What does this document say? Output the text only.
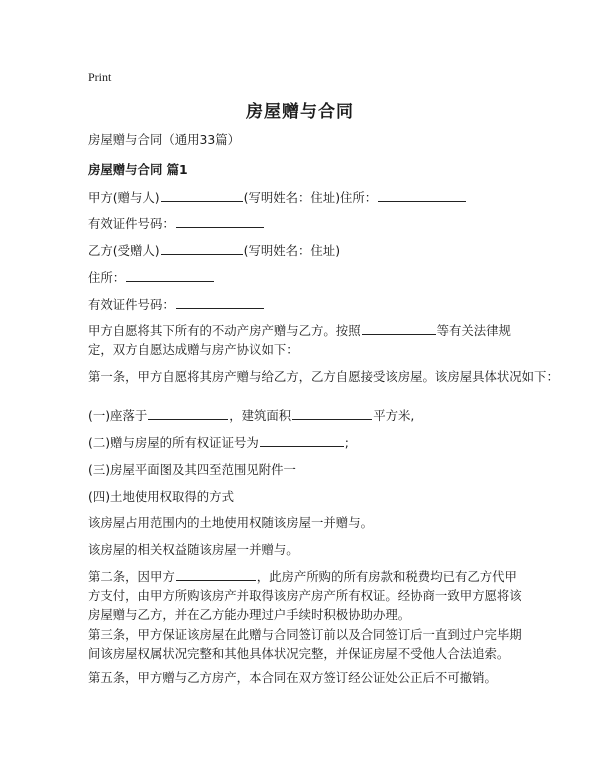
Print
房屋赠与合同
房屋赠与合同（通用33篇）
房屋赠与合同 篇1
甲方(赠与人)	(写明姓名：住址)住所：
有效证件号码：
乙方(受赠人)	(写明姓名：住址)
住所：
有效证件号码：
甲方自愿将其下所有的不动产房产赠与乙方。按照	等有关法律规定，双方自愿达成赠与房产协议如下：
第一条，甲方自愿将其房产赠与给乙方，乙方自愿接受该房屋。该房屋具体状况如下：
(一)座落于	，建筑面积	平方米,
(二)赠与房屋的所有权证证号为	;
(三)房屋平面图及其四至范围见附件一
(四)土地使用权取得的方式
该房屋占用范围内的土地使用权随该房屋一并赠与。
该房屋的相关权益随该房屋一并赠与。
第二条，因甲方	，此房产所购的所有房款和税费均已有乙方代甲方支付，由甲方所购该房产并取得该房产房产所有权证。经协商一致甲方愿将该房屋赠与乙方，并在乙方能办理过户手续时积极协助办理。
第三条，甲方保证该房屋在此赠与合同签订前以及合同签订后一直到过户完毕期间该房屋权属状况完整和其他具体状况完整，并保证房屋不受他人合法追索。
第五条，甲方赠与乙方房产，本合同在双方签订经公证处公正后不可撤销。
